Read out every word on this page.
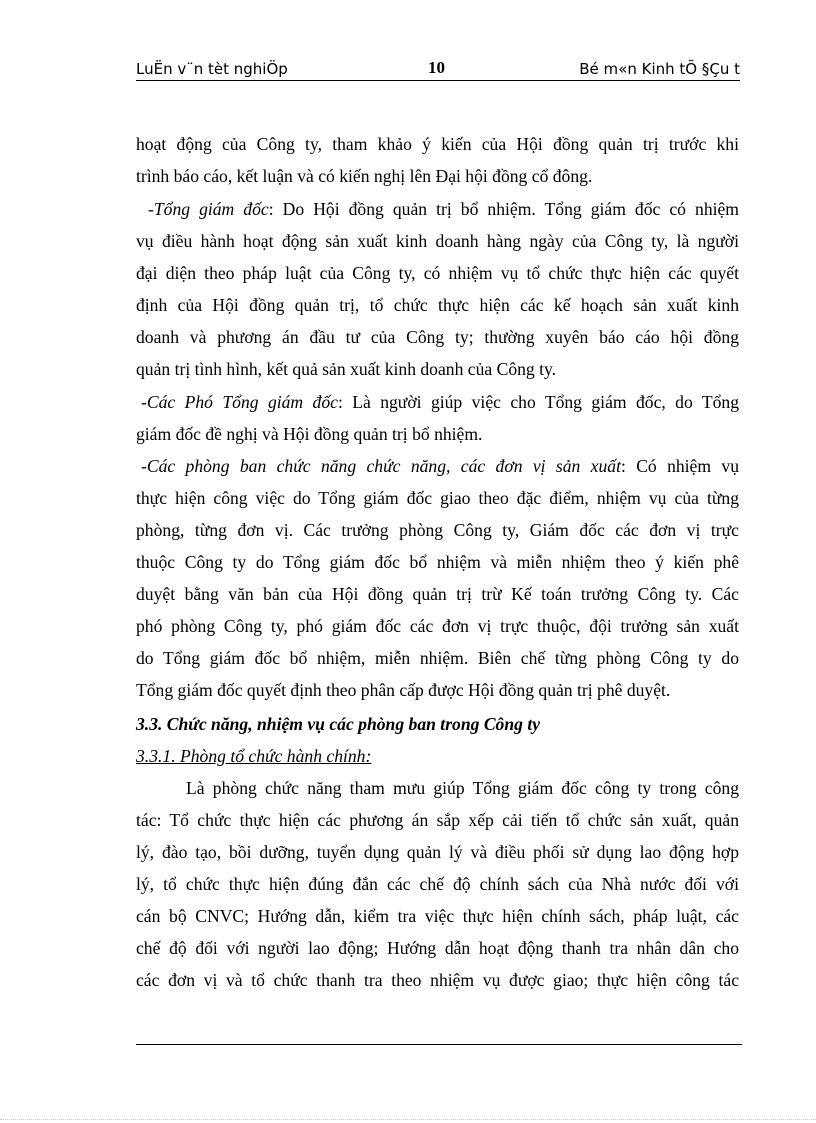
LuËn v¨n tèt nghiÖp	10	Bé m«n Kinh tÕ §Çu t
hoạt động của Công ty, tham khảo ý kiến của Hội đồng quản trị trước khi
trình báo cáo, kết luận và có kiến nghị lên Đại hội đồng cổ đông.
-Tổng giám đốc: Do Hội đồng quản trị bổ nhiệm. Tổng giám đốc có nhiệm
vụ điều hành hoạt động sản xuất kinh doanh hàng ngày của Công ty, là người
đại diện theo pháp luật của Công ty, có nhiệm vụ tổ chức thực hiện các quyết
định của Hội đồng quản trị, tổ chức thực hiện các kế hoạch sản xuất kinh
doanh và phương án đầu tư của Công ty; thường xuyên báo cáo hội đồng
quản trị tình hình, kết quả sản xuất kinh doanh của Công ty.
-Các Phó Tổng giám đốc: Là người giúp việc cho Tổng giám đốc, do Tổng
giám đốc đề nghị và Hội đồng quản trị bổ nhiệm.
-Các phòng ban chức năng chức năng, các đơn vị sản xuất: Có nhiệm vụ
thực hiện công việc do Tổng giám đốc giao theo đặc điểm, nhiệm vụ của từng
phòng, từng đơn vị. Các trưởng phòng Công ty, Giám đốc các đơn vị trực
thuộc Công ty do Tổng giám đốc bổ nhiệm và miễn nhiệm theo ý kiến phê
duyệt bằng văn bản của Hội đồng quản trị trừ Kế toán trưởng Công ty. Các
phó phòng Công ty, phó giám đốc các đơn vị trực thuộc, đội trưởng sản xuất
do Tổng giám đốc bổ nhiệm, miễn nhiệm. Biên chế từng phòng Công ty do
Tổng giám đốc quyết định theo phân cấp được Hội đồng quản trị phê duyệt.
3.3. Chức năng, nhiệm vụ các phòng ban trong Công ty
3.3.1. Phòng tổ chức hành chính:
Là phòng chức năng tham mưu giúp Tổng giám đốc công ty trong công
tác: Tổ chức thực hiện các phương án sắp xếp cải tiến tổ chức sản xuất, quản
lý, đào tạo, bồi dưỡng, tuyển dụng quản lý và điều phối sử dụng lao động hợp
lý, tổ chức thực hiện đúng đắn các chế độ chính sách của Nhà nước đối với
cán bộ CNVC; Hướng dẫn, kiểm tra việc thực hiện chính sách, pháp luật, các
chế độ đối với người lao động; Hướng dẫn hoạt động thanh tra nhân dân cho
các đơn vị và tổ chức thanh tra theo nhiệm vụ được giao; thực hiện công tác
